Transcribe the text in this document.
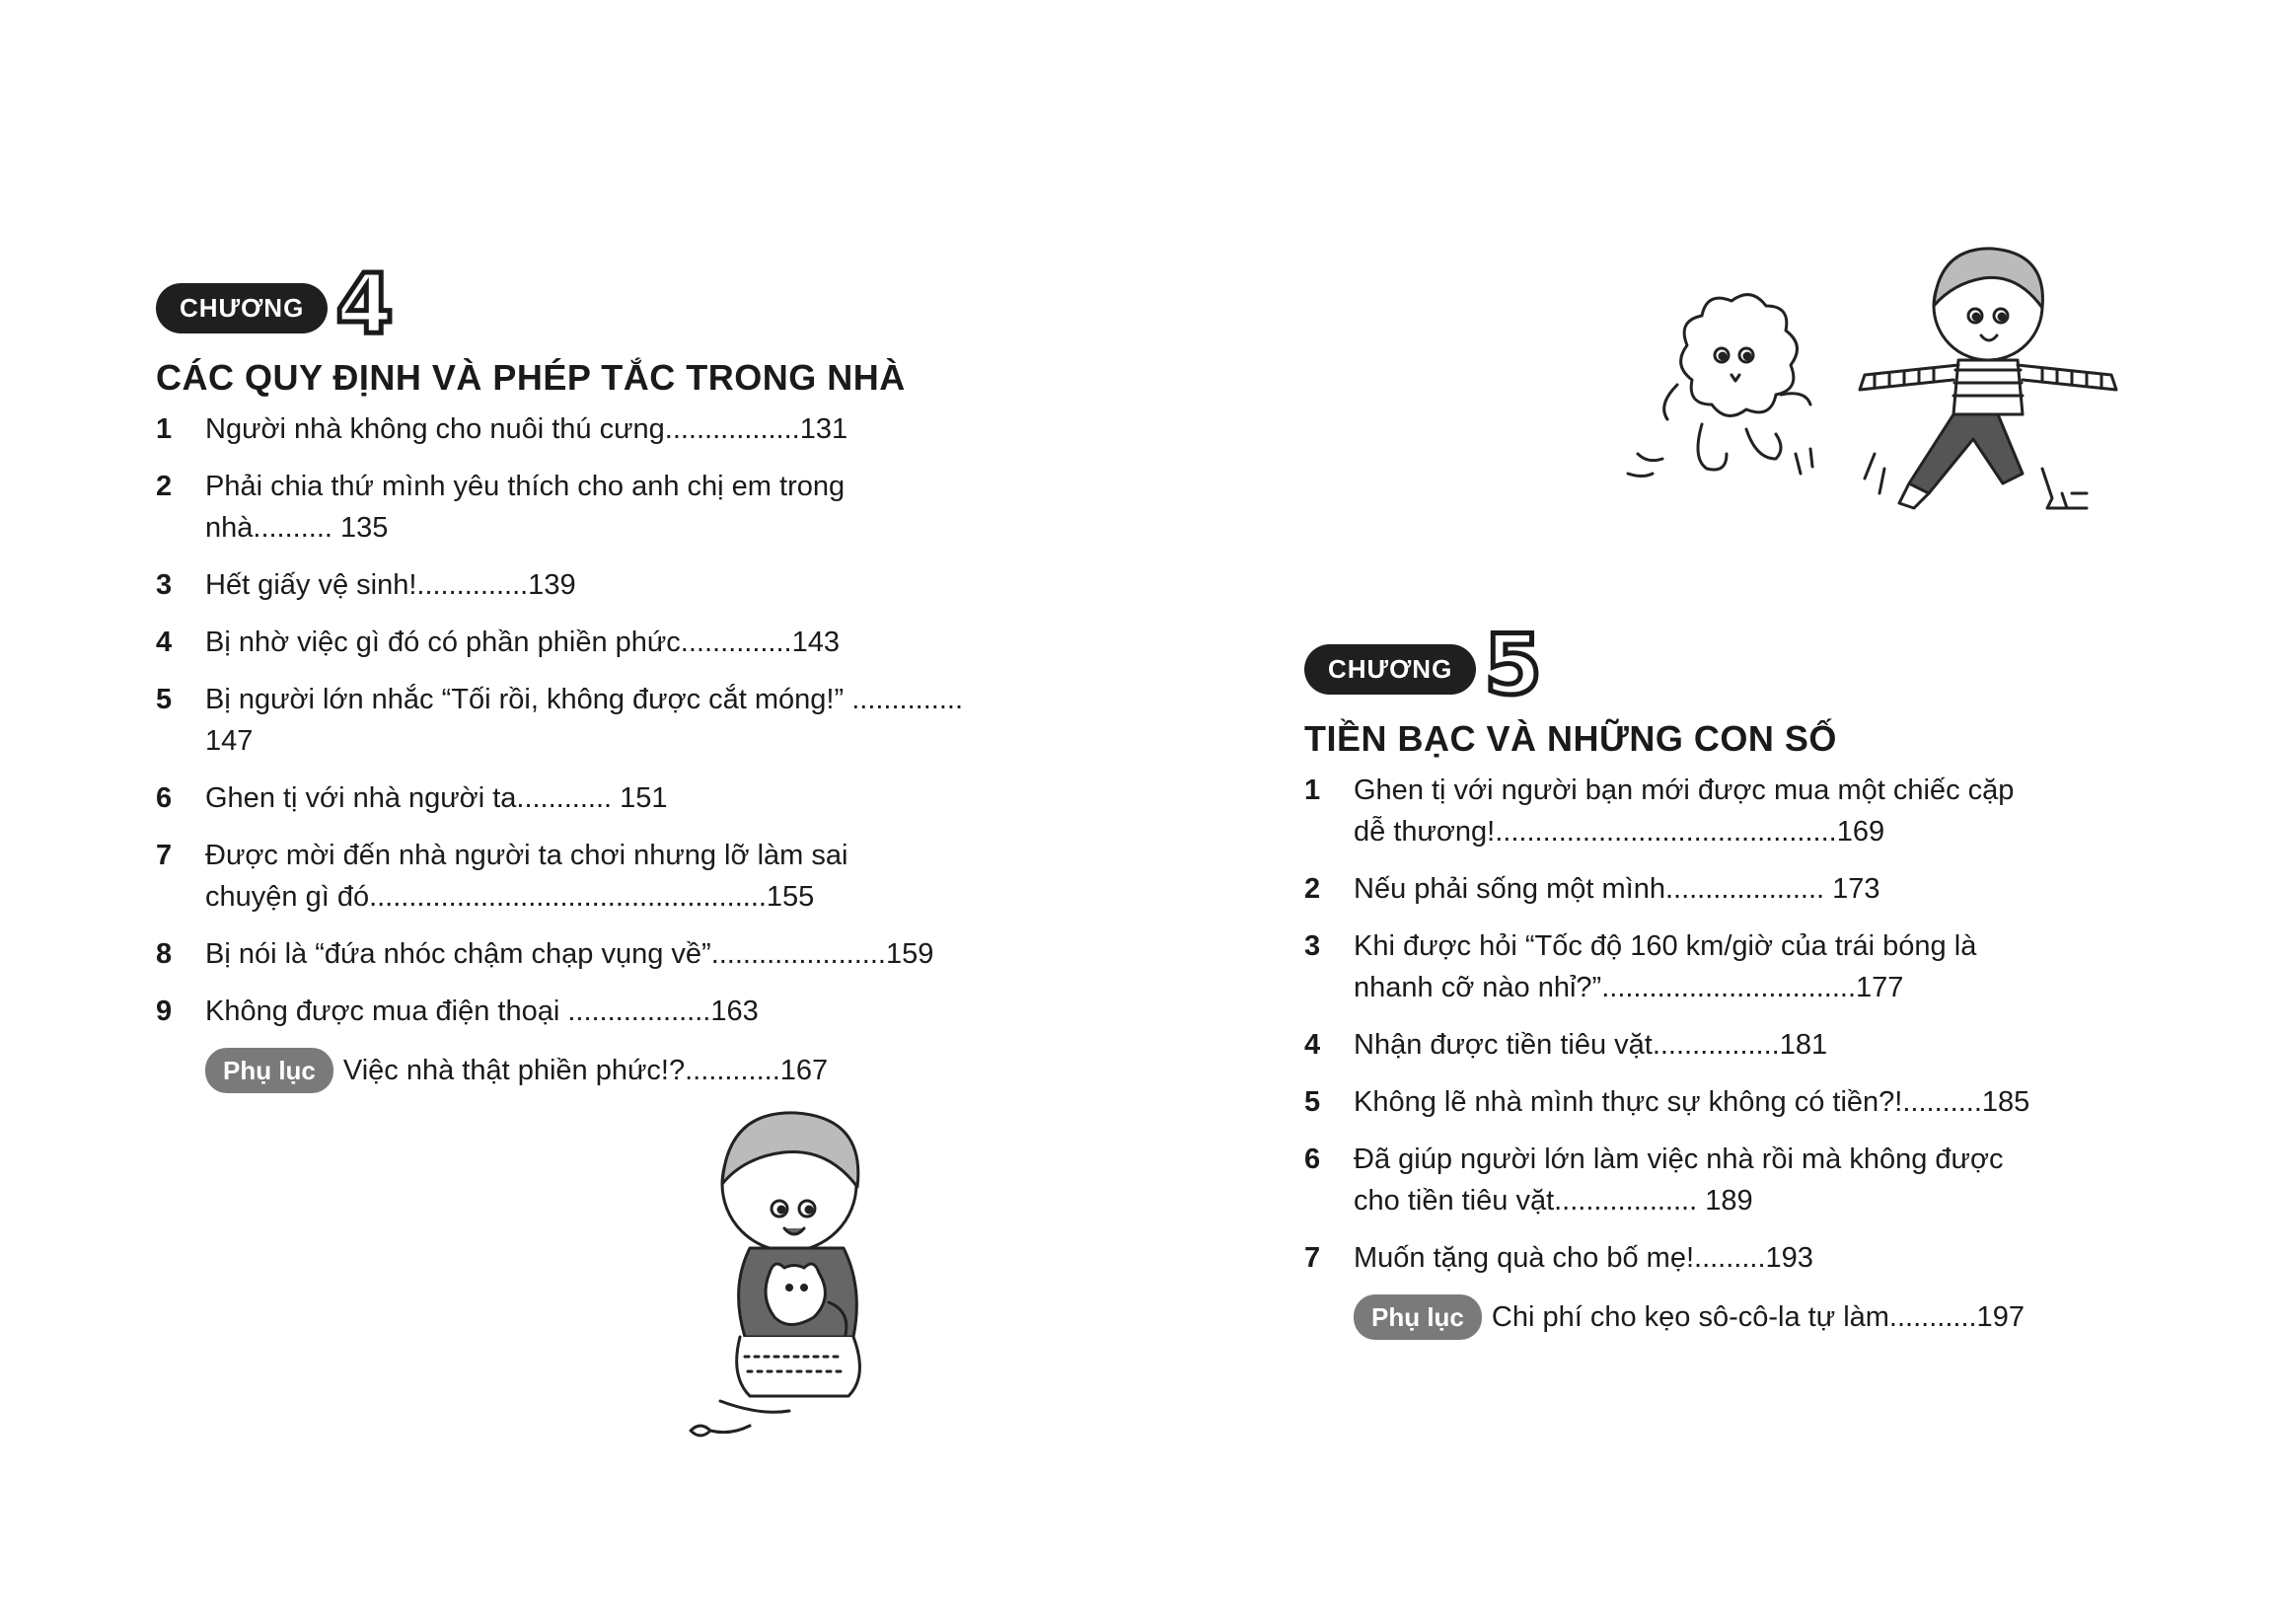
CHƯƠNG 4
CÁC QUY ĐỊNH VÀ PHÉP TẮC TRONG NHÀ
1	Người nhà không cho nuôi thú cưng.................131
2	Phải chia thứ mình yêu thích cho anh chị em trong nhà.......... 135
3	Hết giấy vệ sinh!..............139
4	Bị nhờ việc gì đó có phần phiền phức..............143
5	Bị người lớn nhắc “Tối rồi, không được cắt móng!” .............. 147
6	Ghen tị với nhà người ta............ 151
7	Được mời đến nhà người ta chơi nhưng lỡ làm sai chuyện gì đó..................................................155
8	Bị nói là “đứa nhóc chậm chạp vụng về”......................159
9	Không được mua điện thoại ..................163
Phụ lục Việc nhà thật phiền phức!?............167
CHƯƠNG 5
TIỀN BẠC VÀ NHỮNG CON SỐ
1	Ghen tị với người bạn mới được mua một chiếc cặp dễ thương!...........................................169
2	Nếu phải sống một mình.................... 173
3	Khi được hỏi “Tốc độ 160 km/giờ của trái bóng là nhanh cỡ nào nhỉ?”................................177
4	Nhận được tiền tiêu vặt................181
5	Không lẽ nhà mình thực sự không có tiền?!..........185
6	Đã giúp người lớn làm việc nhà rồi mà không được cho tiền tiêu vặt.................. 189
7	Muốn tặng quà cho bố mẹ!.........193
Phụ lục Chi phí cho kẹo sô-cô-la tự làm...........197
